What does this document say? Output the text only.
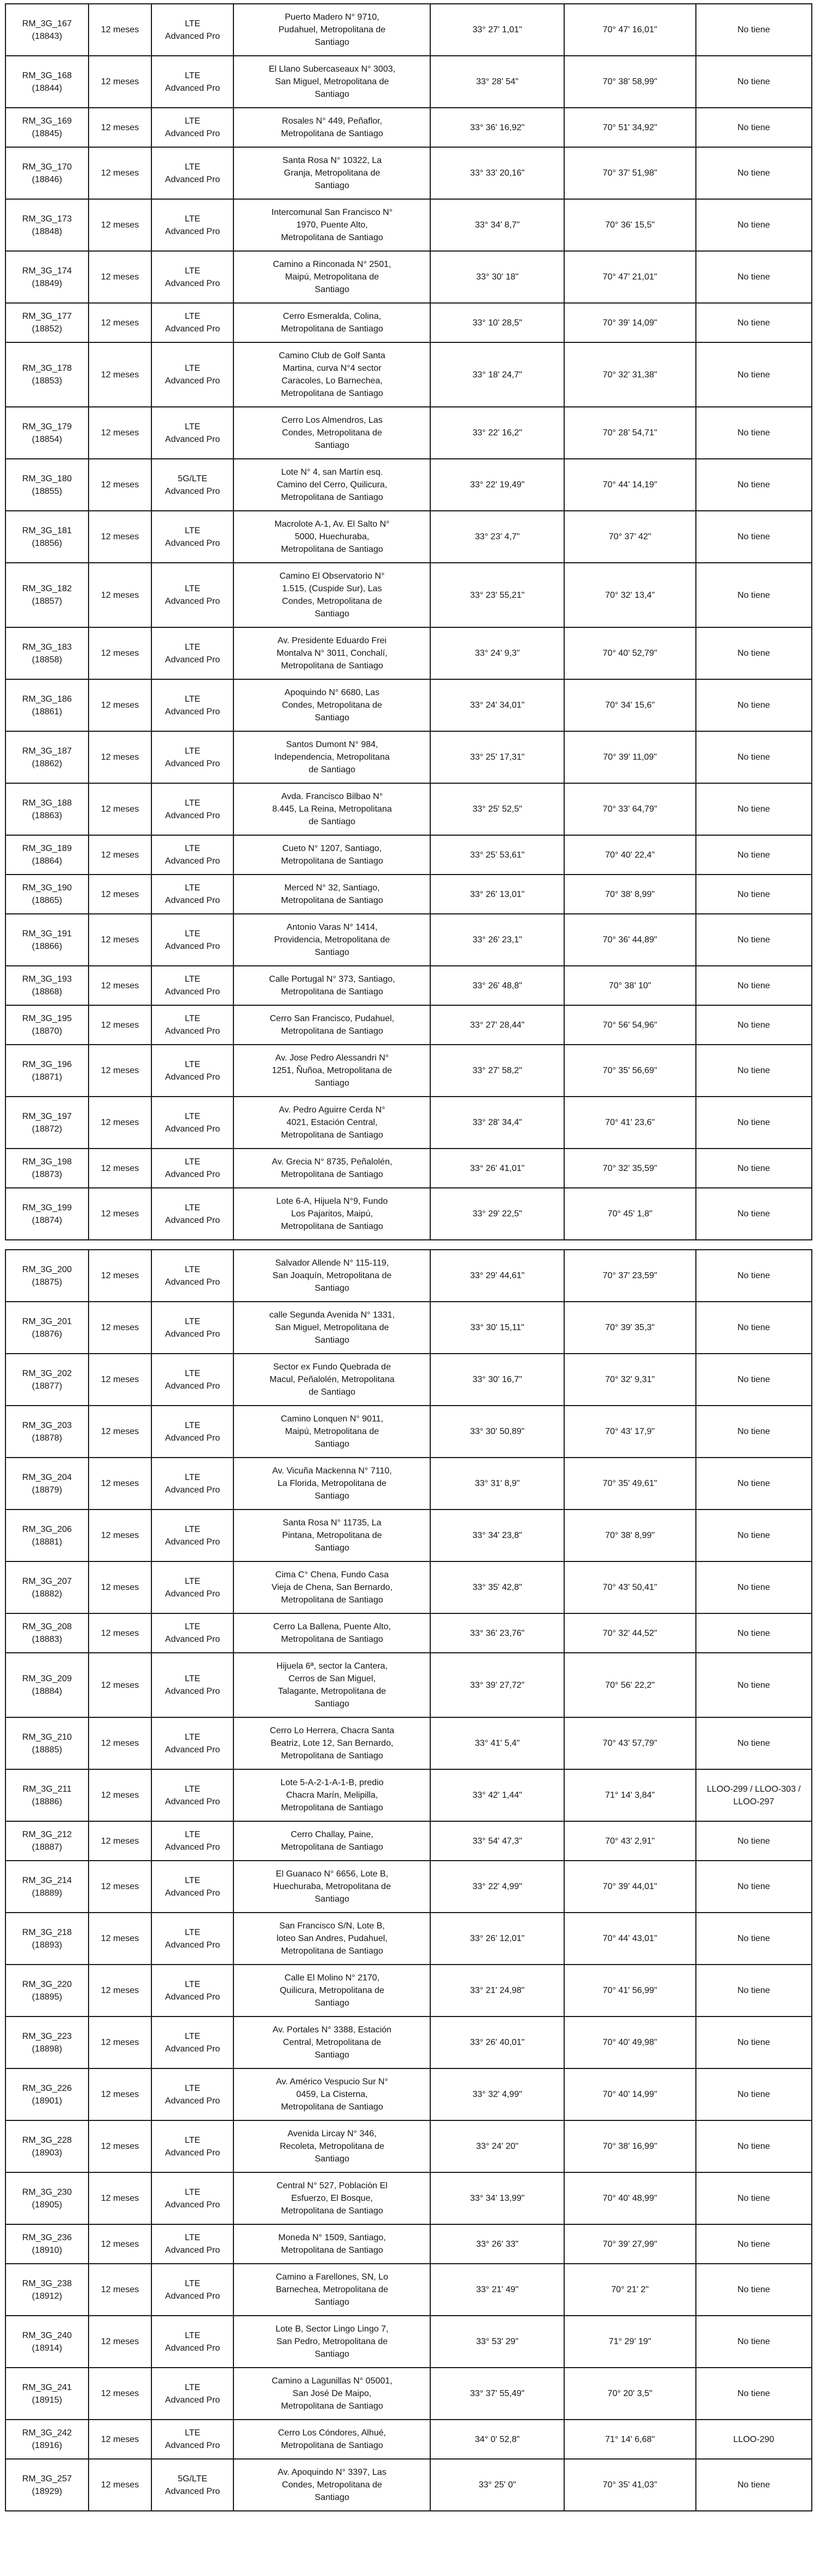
RM_3G_167
(18843)	12 meses	LTE Advanced Pro	Puerto Madero N° 9710, Pudahuel, Metropolitana de Santiago	33° 27' 1,01"	70° 47' 16,01"	No tiene

RM_3G_168
(18844)	12 meses	LTE Advanced Pro	El Llano Subercaseaux N° 3003, San Miguel, Metropolitana de Santiago	33° 28' 54"	70° 38' 58,99"	No tiene

RM_3G_169
(18845)	12 meses	LTE Advanced Pro	Rosales N° 449, Peñaflor, Metropolitana de Santiago	33° 36' 16,92"	70° 51' 34,92"	No tiene

RM_3G_170
(18846)	12 meses	LTE Advanced Pro	Santa Rosa N° 10322, La Granja, Metropolitana de Santiago	33° 33' 20,16"	70° 37' 51,98"	No tiene

RM_3G_173
(18848)	12 meses	LTE Advanced Pro	Intercomunal San Francisco N° 1970, Puente Alto, Metropolitana de Santiago	33° 34' 8,7"	70° 36' 15,5"	No tiene

RM_3G_174
(18849)	12 meses	LTE Advanced Pro	Camino a Rinconada N° 2501, Maipú, Metropolitana de Santiago	33° 30' 18"	70° 47' 21,01"	No tiene

RM_3G_177
(18852)	12 meses	LTE Advanced Pro	Cerro Esmeralda, Colina, Metropolitana de Santiago	33° 10' 28,5"	70° 39' 14,09"	No tiene

RM_3G_178
(18853)	12 meses	LTE Advanced Pro	Camino Club de Golf Santa Martina, curva N°4 sector Caracoles, Lo Barnechea, Metropolitana de Santiago	33° 18' 24,7"	70° 32' 31,38"	No tiene

RM_3G_179
(18854)	12 meses	LTE Advanced Pro	Cerro Los Almendros, Las Condes, Metropolitana de Santiago	33° 22' 16,2"	70° 28' 54,71"	No tiene

RM_3G_180
(18855)	12 meses	5G/LTE Advanced Pro	Lote N° 4, san Martín esq. Camino del Cerro, Quilicura, Metropolitana de Santiago	33° 22' 19,49"	70° 44' 14,19"	No tiene

RM_3G_181
(18856)	12 meses	LTE Advanced Pro	Macrolote A-1, Av. El Salto N° 5000, Huechuraba, Metropolitana de Santiago	33° 23' 4,7"	70° 37' 42"	No tiene

RM_3G_182
(18857)	12 meses	LTE Advanced Pro	Camino El Observatorio N° 1.515, (Cuspide Sur), Las Condes, Metropolitana de Santiago	33° 23' 55,21"	70° 32' 13,4"	No tiene

RM_3G_183
(18858)	12 meses	LTE Advanced Pro	Av. Presidente Eduardo Frei Montalva N° 3011, Conchalí, Metropolitana de Santiago	33° 24' 9,3"	70° 40' 52,79"	No tiene

RM_3G_186
(18861)	12 meses	LTE Advanced Pro	Apoquindo N° 6680, Las Condes, Metropolitana de Santiago	33° 24' 34,01"	70° 34' 15,6"	No tiene

RM_3G_187
(18862)	12 meses	LTE Advanced Pro	Santos Dumont N° 984, Independencia, Metropolitana de Santiago	33° 25' 17,31"	70° 39' 11,09"	No tiene

RM_3G_188
(18863)	12 meses	LTE Advanced Pro	Avda. Francisco Bilbao N° 8.445, La Reina, Metropolitana de Santiago	33° 25' 52,5"	70° 33' 64,79"	No tiene

RM_3G_189
(18864)	12 meses	LTE Advanced Pro	Cueto N° 1207, Santiago, Metropolitana de Santiago	33° 25' 53,61"	70° 40' 22,4"	No tiene

RM_3G_190
(18865)	12 meses	LTE Advanced Pro	Merced N° 32, Santiago, Metropolitana de Santiago	33° 26' 13,01"	70° 38' 8,99"	No tiene

RM_3G_191
(18866)	12 meses	LTE Advanced Pro	Antonio Varas N° 1414, Providencia, Metropolitana de Santiago	33° 26' 23,1"	70° 36' 44,89"	No tiene

RM_3G_193
(18868)	12 meses	LTE Advanced Pro	Calle Portugal N° 373, Santiago, Metropolitana de Santiago	33° 26' 48,8"	70° 38' 10"	No tiene

RM_3G_195
(18870)	12 meses	LTE Advanced Pro	Cerro San Francisco, Pudahuel, Metropolitana de Santiago	33° 27' 28,44"	70° 56' 54,96"	No tiene

RM_3G_196
(18871)	12 meses	LTE Advanced Pro	Av. Jose Pedro Alessandri N° 1251, Ñuñoa, Metropolitana de Santiago	33° 27' 58,2"	70° 35' 56,69"	No tiene

RM_3G_197
(18872)	12 meses	LTE Advanced Pro	Av. Pedro Aguirre Cerda N° 4021, Estación Central, Metropolitana de Santiago	33° 28' 34,4"	70° 41' 23,6"	No tiene

RM_3G_198
(18873)	12 meses	LTE Advanced Pro	Av. Grecia N° 8735, Peñalolén, Metropolitana de Santiago	33° 26' 41,01"	70° 32' 35,59"	No tiene

RM_3G_199
(18874)	12 meses	LTE Advanced Pro	Lote 6-A, Hijuela N°9, Fundo Los Pajaritos, Maipú, Metropolitana de Santiago	33° 29' 22,5"	70° 45' 1,8"	No tiene
RM_3G_200
(18875)	12 meses	LTE Advanced Pro	Salvador Allende N° 115-119, San Joaquín, Metropolitana de Santiago	33° 29' 44,61"	70° 37' 23,59"	No tiene

RM_3G_201
(18876)	12 meses	LTE Advanced Pro	calle Segunda Avenida N° 1331, San Miguel, Metropolitana de Santiago	33° 30' 15,11"	70° 39' 35,3"	No tiene

RM_3G_202
(18877)	12 meses	LTE Advanced Pro	Sector ex Fundo Quebrada de Macul, Peñalolén, Metropolitana de Santiago	33° 30' 16,7"	70° 32' 9,31"	No tiene

RM_3G_203
(18878)	12 meses	LTE Advanced Pro	Camino Lonquen N° 9011, Maipú, Metropolitana de Santiago	33° 30' 50,89"	70° 43' 17,9"	No tiene

RM_3G_204
(18879)	12 meses	LTE Advanced Pro	Av. Vicuña Mackenna N° 7110, La Florida, Metropolitana de Santiago	33° 31' 8,9"	70° 35' 49,61"	No tiene

RM_3G_206
(18881)	12 meses	LTE Advanced Pro	Santa Rosa N° 11735, La Pintana, Metropolitana de Santiago	33° 34' 23,8"	70° 38' 8,99"	No tiene

RM_3G_207
(18882)	12 meses	LTE Advanced Pro	Cima C° Chena, Fundo Casa Vieja de Chena, San Bernardo, Metropolitana de Santiago	33° 35' 42,8"	70° 43' 50,41"	No tiene

RM_3G_208
(18883)	12 meses	LTE Advanced Pro	Cerro La Ballena, Puente Alto, Metropolitana de Santiago	33° 36' 23,76"	70° 32' 44,52"	No tiene

RM_3G_209
(18884)	12 meses	LTE Advanced Pro	Hijuela 6ª, sector la Cantera, Cerros de San Miguel, Talagante, Metropolitana de Santiago	33° 39' 27,72"	70° 56' 22,2"	No tiene

RM_3G_210
(18885)	12 meses	LTE Advanced Pro	Cerro Lo Herrera, Chacra Santa Beatriz, Lote 12, San Bernardo, Metropolitana de Santiago	33° 41' 5,4"	70° 43' 57,79"	No tiene

RM_3G_211
(18886)	12 meses	LTE Advanced Pro	Lote 5-A-2-1-A-1-B, predio Chacra Marín, Melipilla, Metropolitana de Santiago	33° 42' 1,44"	71° 14' 3,84"	LLOO-299 / LLOO-303 / LLOO-297

RM_3G_212
(18887)	12 meses	LTE Advanced Pro	Cerro Challay, Paine, Metropolitana de Santiago	33° 54' 47,3"	70° 43' 2,91"	No tiene

RM_3G_214
(18889)	12 meses	LTE Advanced Pro	El Guanaco N° 6656, Lote B, Huechuraba, Metropolitana de Santiago	33° 22' 4,99"	70° 39' 44,01"	No tiene

RM_3G_218
(18893)	12 meses	LTE Advanced Pro	San Francisco S/N, Lote B, loteo San Andres, Pudahuel, Metropolitana de Santiago	33° 26' 12,01"	70° 44' 43,01"	No tiene

RM_3G_220
(18895)	12 meses	LTE Advanced Pro	Calle El Molino N° 2170, Quilicura, Metropolitana de Santiago	33° 21' 24,98"	70° 41' 56,99"	No tiene

RM_3G_223
(18898)	12 meses	LTE Advanced Pro	Av. Portales N° 3388, Estación Central, Metropolitana de Santiago	33° 26' 40,01"	70° 40' 49,98"	No tiene

RM_3G_226
(18901)	12 meses	LTE Advanced Pro	Av. Américo Vespucio Sur N° 0459, La Cisterna, Metropolitana de Santiago	33° 32' 4,99"	70° 40' 14,99"	No tiene

RM_3G_228
(18903)	12 meses	LTE Advanced Pro	Avenida Lircay N° 346, Recoleta, Metropolitana de Santiago	33° 24' 20"	70° 38' 16,99"	No tiene

RM_3G_230
(18905)	12 meses	LTE Advanced Pro	Central N° 527, Población El Esfuerzo, El Bosque, Metropolitana de Santiago	33° 34' 13,99"	70° 40' 48,99"	No tiene

RM_3G_236
(18910)	12 meses	LTE Advanced Pro	Moneda N° 1509, Santiago, Metropolitana de Santiago	33° 26' 33"	70° 39' 27,99"	No tiene

RM_3G_238
(18912)	12 meses	LTE Advanced Pro	Camino a Farellones, SN, Lo Barnechea, Metropolitana de Santiago	33° 21' 49"	70° 21' 2"	No tiene

RM_3G_240
(18914)	12 meses	LTE Advanced Pro	Lote B, Sector Lingo Lingo 7, San Pedro, Metropolitana de Santiago	33° 53' 29"	71° 29' 19"	No tiene

RM_3G_241
(18915)	12 meses	LTE Advanced Pro	Camino a Lagunillas N° 05001, San José De Maipo, Metropolitana de Santiago	33° 37' 55,49"	70° 20' 3,5"	No tiene

RM_3G_242
(18916)	12 meses	LTE Advanced Pro	Cerro Los Cóndores, Alhué, Metropolitana de Santiago	34° 0' 52,8"	71° 14' 6,68"	LLOO-290

RM_3G_257
(18929)	12 meses	5G/LTE Advanced Pro	Av. Apoquindo N° 3397, Las Condes, Metropolitana de Santiago	33° 25' 0"	70° 35' 41,03"	No tiene
